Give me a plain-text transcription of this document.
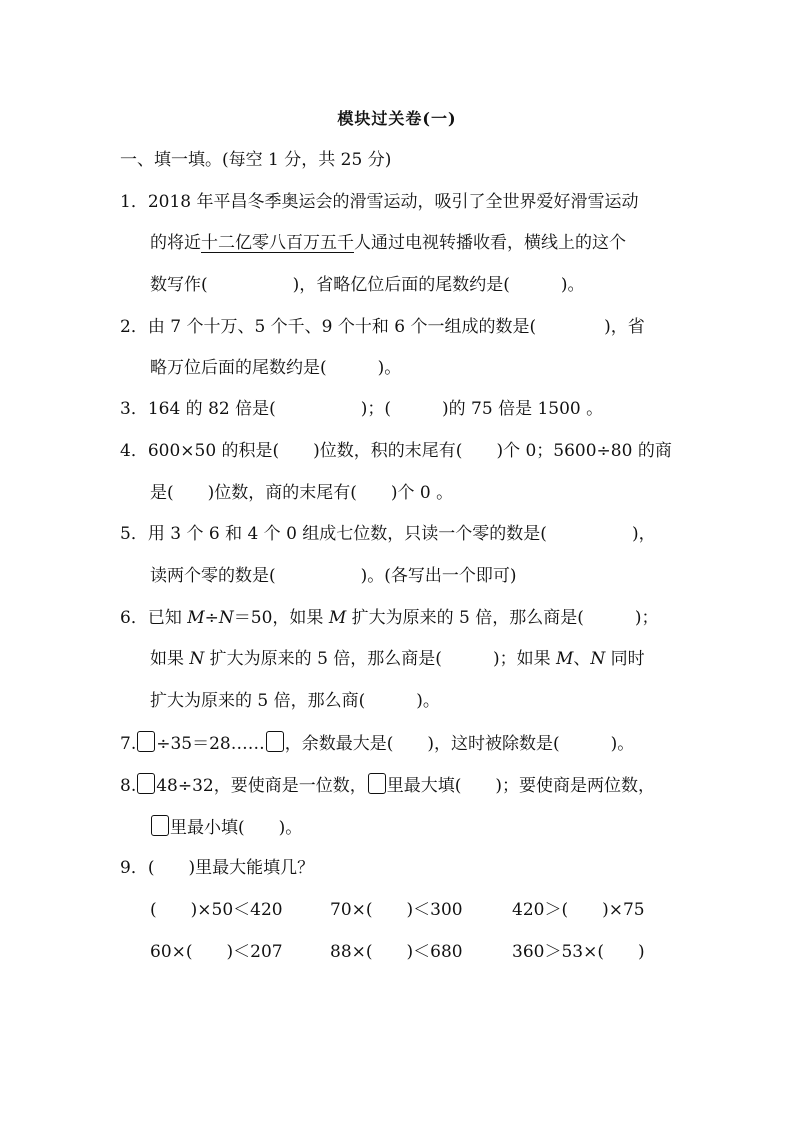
模块过关卷(一)
一、填一填。(每空 1 分，共 25 分)
1．2018 年平昌冬季奥运会的滑雪运动，吸引了全世界爱好滑雪运动
的将近十二亿零八百万五千人通过电视转播收看，横线上的这个
数写作(　　　　　)，省略亿位后面的尾数约是(　　　)。
2．由 7 个十万、5 个千、9 个十和 6 个一组成的数是(　　　　)，省
略万位后面的尾数约是(　　　)。
3．164 的 82 倍是(　　　　　)；(　　　)的 75 倍是 1500 。
4．600×50 的积是(　　)位数，积的末尾有(　　)个 0；5600÷80 的商
是(　　)位数，商的末尾有(　　)个 0 。
5．用 3 个 6 和 4 个 0 组成七位数，只读一个零的数是(　　　　　)，
读两个零的数是(　　　　　)。(各写出一个即可)
6．已知 M÷N＝50，如果 M 扩大为原来的 5 倍，那么商是(　　　)；
如果 N 扩大为原来的 5 倍，那么商是(　　　)；如果 M、N 同时
扩大为原来的 5 倍，那么商(　　　)。
7. ÷35＝28…… ，余数最大是(　　)，这时被除数是(　　　)。
8. 48÷32，要使商是一位数， 里最大填(　　)；要使商是两位数，
里最小填(　　)。
9．(　　)里最大能填几？
(　　)×50＜420	70×(　　)＜300	420＞(　　)×75
60×(　　)＜207	88×(　　)＜680	360＞53×(　　)
